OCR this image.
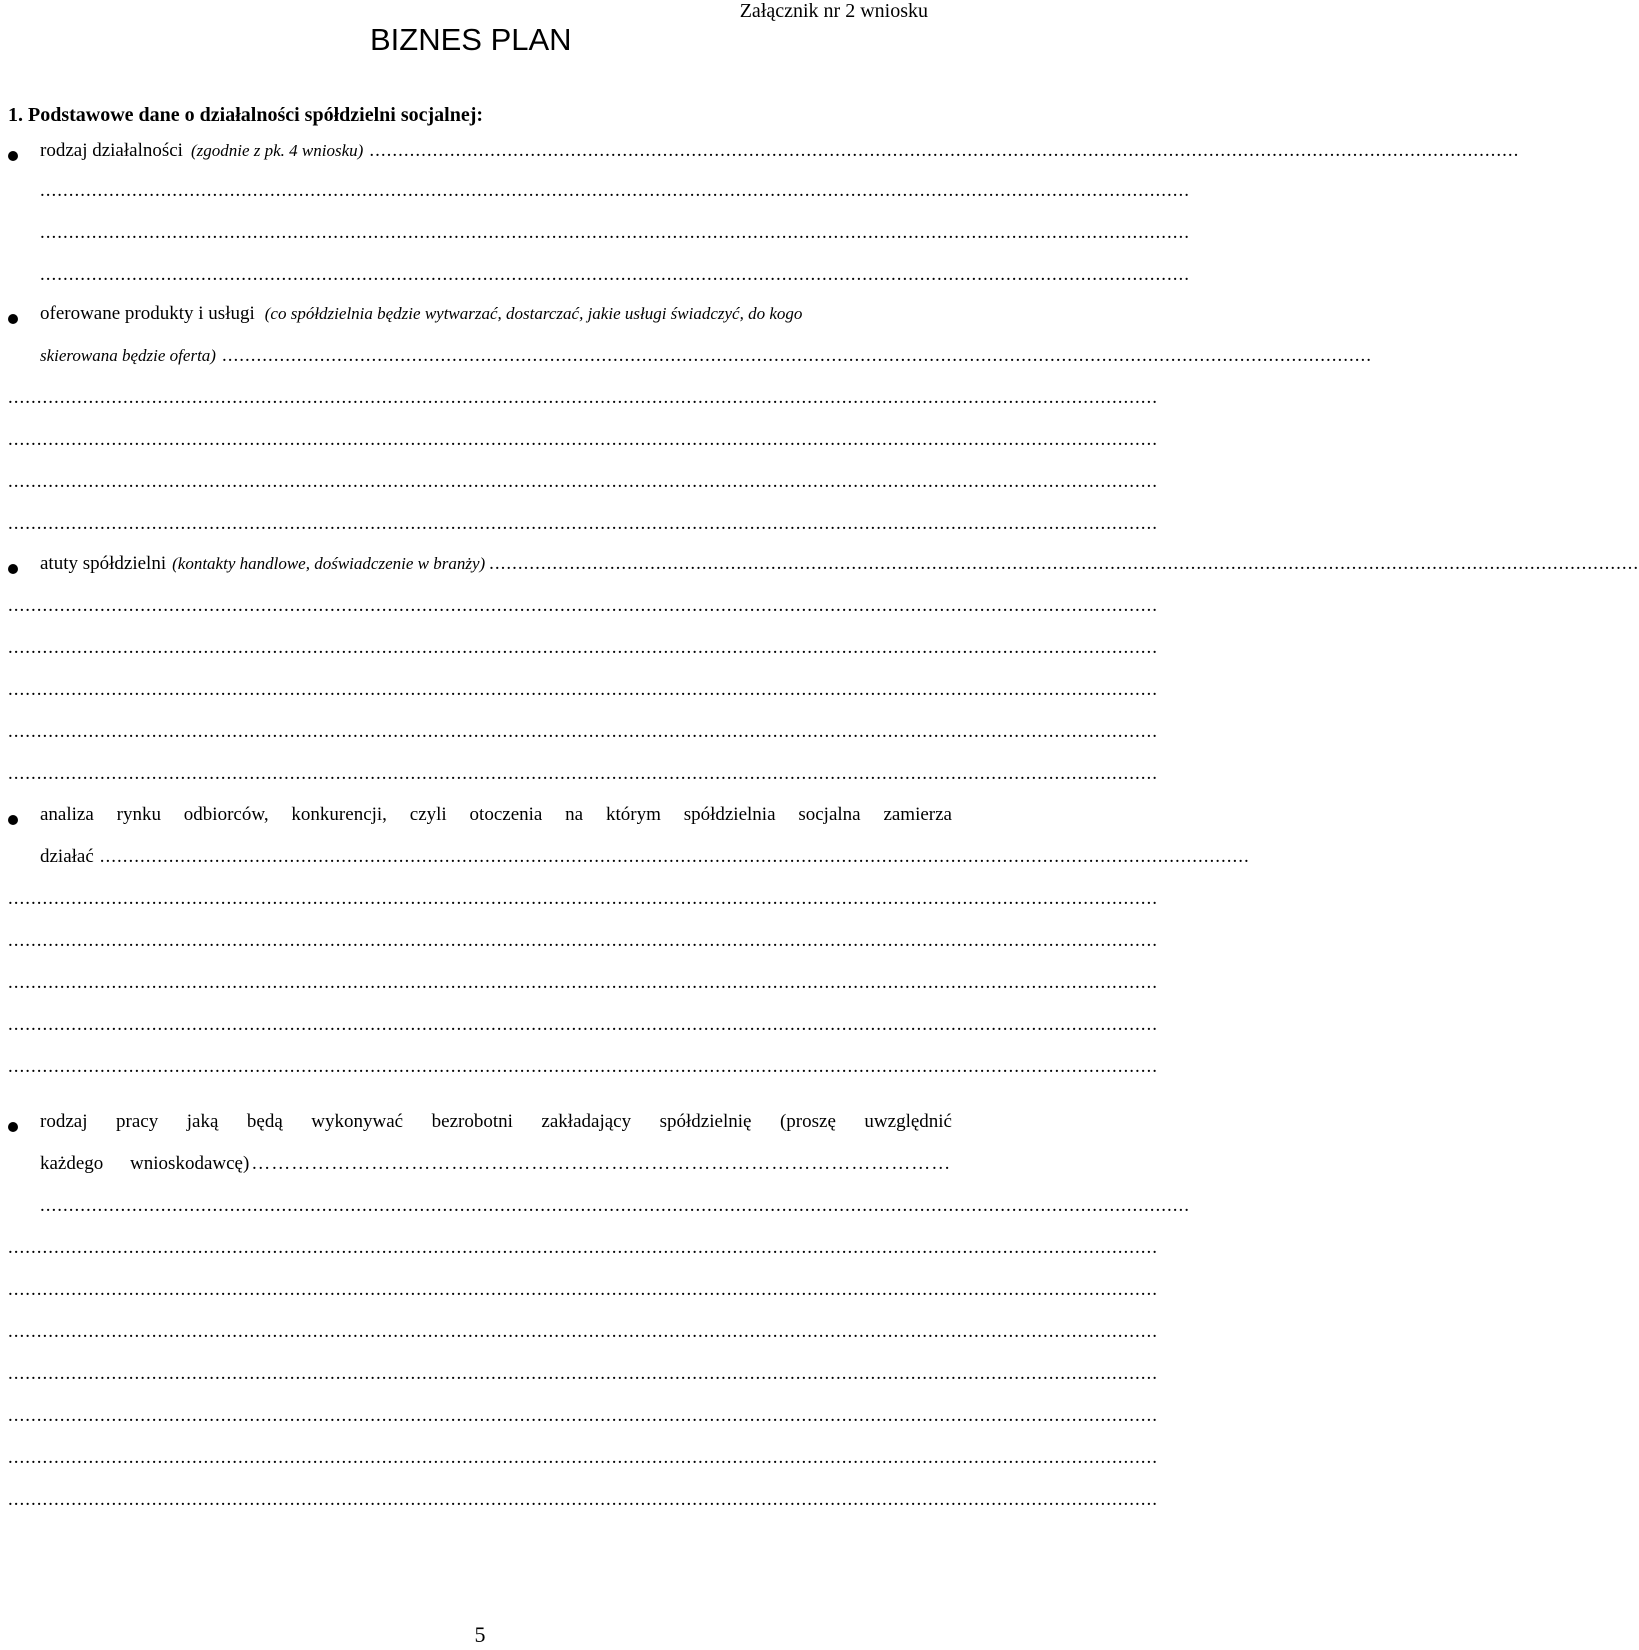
Załącznik nr 2 wniosku
BIZNES PLAN
1. Podstawowe dane o działalności spółdzielni socjalnej:
rodzaj działalności (zgodnie z pk. 4 wniosku) ........................................................................................................................................................................................................
........................................................................................................................................................................................................
........................................................................................................................................................................................................
........................................................................................................................................................................................................
oferowane produkty i usługi (co spółdzielnia będzie wytwarzać, dostarczać, jakie usługi świadczyć, do kogo
skierowana będzie oferta) ........................................................................................................................................................................................................
........................................................................................................................................................................................................
........................................................................................................................................................................................................
........................................................................................................................................................................................................
........................................................................................................................................................................................................
atuty spółdzielni (kontakty handlowe, doświadczenie w branży) ........................................................................................................................................................................................................
........................................................................................................................................................................................................
........................................................................................................................................................................................................
........................................................................................................................................................................................................
........................................................................................................................................................................................................
........................................................................................................................................................................................................
analiza rynku odbiorców, konkurencji, czyli otoczenia na którym spółdzielnia socjalna zamierza
działać ........................................................................................................................................................................................................
........................................................................................................................................................................................................
........................................................................................................................................................................................................
........................................................................................................................................................................................................
........................................................................................................................................................................................................
........................................................................................................................................................................................................
rodzaj pracy jaką będą wykonywać bezrobotni zakładający spółdzielnię (proszę uwzględnić
każdego wnioskodawcę) ……………………………………………………………………………………………
........................................................................................................................................................................................................
........................................................................................................................................................................................................
........................................................................................................................................................................................................
........................................................................................................................................................................................................
........................................................................................................................................................................................................
........................................................................................................................................................................................................
........................................................................................................................................................................................................
........................................................................................................................................................................................................
5
